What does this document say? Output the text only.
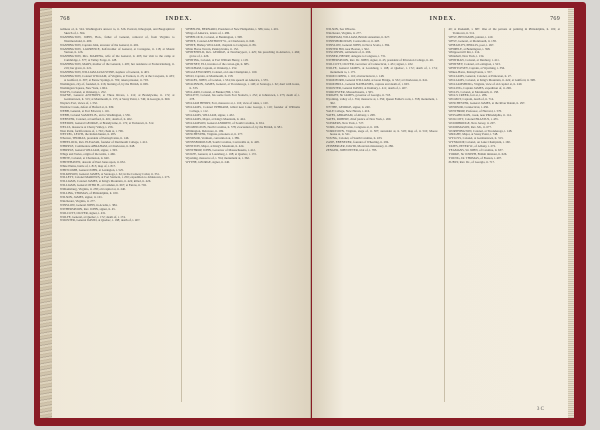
768	INDEX.

rediness of, ii. 524. Washington's answer to, ii. 526. Portrait, lithograph, and Biographical Sketch of, i. 364.

WASHINGTON, JOHN, Hon., father of General, removal of, from Virginia to Westmoreland, ii. 400.

WASHINGTON, Captain John, ancestor of the General, ii. 402.

WASHINGTON, LAWRENCE, half-brother of General, at Cartagena, ii. 118; at Mount Vernon, ii. 126.

WASHINGTON, Mrs. MARTHA, wife of the General, ii. 403; her visit to the camp at Cambridge, i. 577; at Valley Forge, ii. 128.

WASHINGTON, MARY, mother of the General, i. 405; her residence at Fredericksburg, ii. 219; her grave, ii. 221.

WASHINGTON, WILLIAM AUGUSTINE, nephew of General, ii. 403.

WASHINGTON, Colonel WILLIAM, of Virginia, at Trenton, ii. 25; at the Cowpens, ii. 433; at Guilford, ii. 397; at Eutaw Springs, ii. 702; taken prisoner, ii. 703.

Washington, city of, founded, ii. 216; burning of, by the British, ii. 609.

Washington Square, New York, i. 604.

WATTS, Colonel, at Oriskany, i. 252.

WAYNE, General ANTHONY, at Three Rivers, i. 212; at Brandywine, ii. 172; at Germantown, ii. 313; at Monmouth, ii. 155; at Stony Point, i. 746; in Georgia, ii. 660.

Wayne's Fort, views of, i. 332.

Waxhaw Creek, defeat of Buford at, ii. 639.

WEBB, General, at Fort Edward, i. 116.

WEBB, Colonel SAMUEL B., aid to Washington, i. 536.

WEBSTER, Colonel, at Guilford, ii. 401; death of, ii. 402.

WEEDON, General GEORGE, at Brandywine, ii. 172; at Yorktown, ii. 512.

WELLS, massacre at Cherry Valley, i. 256.

West Point, fortifications of, i. 702; chain at, i. 706.

WETZEL, LEWIS, the Indian hunter, ii. 283.

Wharton, THOMAS, president of Pennsylvania, ii. 146.

WHEELOCK, Rev. ELEAZAR, founder of Dartmouth College, i. 412.

WHIPPLE, Commodore ABRAHAM, at Charleston, ii. 648.

WHIPPLE, General WILLIAM, signer, i. 393.

Whigs and Tories, origin of the terms, i. 466.

WHITE, Colonel, at Charleston, ii. 640.

WHITEHAVEN, descent of Paul Jones upon, ii. 632.

White Plains, battle of, i. 815; map of, i. 817.

WHITCOMB, General JOHN, at Lexington, i. 525.

WILKINSON, General JAMES, at Saratoga, i. 62; in the Conway Cabal, ii. 331.

WILLETT, Colonel MARINUS, at Fort Stanwix, i. 250; expedition to Johnstown, i. 273.

WILLIAMS, Colonel JAMES, at King's Mountain, ii. 424; killed, ii. 426.

WILLIAMS, General OTHO H., at Camden, ii. 667; at Eutaw, ii. 702.

Williamsburg, Virginia, ii. 238; old capitol at, ii. 240.

WILLING, THOMAS, of Philadelphia, ii. 100.

WILSON, JAMES, signer, ii. 101.

Winchester, Virginia, ii. 277.

WINSLOW, General JOHN, in Acadia, i. 384.

WITHERSPOON, Rev. JOHN, signer, ii. 45.

WOLCOTT, OLIVER, signer, i. 431.

WOLFE, General, at Quebec, i. 172; death of, i. 174.

WOOSTER, General DAVID, at Quebec, i. 198; death of, i. 407.

WHEELER, BERNARD, President of New Hampshire, i. 386; note, i. 401.

Whigs of America, letters of, i. 486.

WHEELOCK, Colonel, at Bennington, i. 398.

WHITE, Colonel ANTHONY W., at Charleston, ii. 640.

WHITE, Bishop WILLIAM, chaplain to Congress, ii. 86.

White Horse Tavern, Pennsylvania, ii. 152.

WHITEFIELD, Rev. GEORGE, at Newburyport, i. 425; his preaching in America, i. 466; grave of, i. 426.

WHITING, Colonel, at Fort William Henry, i. 118.

WHITNEY, ELI, inventor of the cotton-gin, ii. 685.

WICKHAM, Captain, at Oriskany, i. 252.

WIGGLESWORTH, Colonel, on Lake Champlain, i. 160.

WILD, Captain, at Monmouth, ii. 158.

WILKES, JOHN, of London, i. 534; his speech on America, i. 535.

WILKINSON, JAMES, General, at Ticonderoga, i. 148; at Saratoga, i. 62; duel with Gates, ii. 333.

WILLARD, Colonel, at Bunker Hill, i. 541.

WILLETT, Colonel, his sortie from Fort Stanwix, i. 252; at Johnstown, i. 273; death of, i. 278.

WILLIAM HENRY, Fort, massacre at, i. 116; view of ruins, i. 120.

WILLIAMS, Colonel EPHRAIM, killed near Lake George, i. 110; founder of Williams College, i. 112.

WILLIAMS, WILLIAM, signer, i. 432.

WILLIAMS, Major, at King's Mountain, ii. 424.

WILLIAMSON, General ANDREW, of South Carolina, ii. 654.

WILMINGTON, North Carolina, ii. 578; evacuation of, by the British, ii. 581.

Wilmington, Delaware, ii. 169.

WINCHESTER, Virginia, prisoners at, ii. 277.

WINDSOR, Vermont, convention at, i. 389.

WINNSBOROUGH, South Carolina, Cornwallis at, ii. 428.

WINSTON, Major, at King's Mountain, ii. 424.

WINTHROP, JOHN, Governor of Massachusetts, i. 412.

WOLFE, General, at Louisburg, i. 168; at Quebec, i. 172.

Wyoming, massacre of, i. 354; monument at, i. 362.

WYTHE, GEORGE, signer, ii. 240.

INDEX.	769

WILSON, See Wilsons.

Winchester, Virginia, ii. 277.

WINDHAM, WILLIAM, British statesman, ii. 627.

WINNSBOROUGH, Cornwallis at, ii. 428.

WINSLOW, General JOHN, in Nova Scotia, i. 384.

WINTER Hill, near Boston, i. 562.

WISCONSIN, settlement of, ii. 296.

WISNER, HENRY, delegate to Congress, i. 731.

WITHERSPOON, Rev. Dr. JOHN, signer, ii. 45; president of Princeton College, ii. 46.

WOLCOTT, OLIVER, Governor of Connecticut, i. 431; signer, i. 432.

WOLFE, General JAMES, at Louisburg, i. 168; at Quebec, i. 172; death of, i. 174; monument to, i. 175.

WOOD CREEK, i. 116; obstructions in, i. 148.

WOODFORD, General WILLIAM, at Great Bridge, ii. 532; at Charleston, ii. 641.

WOODHULL, General NATHANIEL, capture and death of, i. 603.

WOOSTER, General DAVID, at Danbury, i. 411; death of, i. 407.

WORCESTER, Massachusetts, i. 505.

WRIGHT, Sir JAMES, governor of Georgia, ii. 718.

Wyoming, valley of, i. 354; massacre at, i. 356; Queen Esther's rock, i. 358; monument, i. 362.

WYTHE, GEORGE, signer, ii. 240.

YALE College, New Haven, i. 416.

YATES, ABRAHAM, of Albany, i. 268.

YATES, ROBERT, chief justice of New York, i. 269.

YONKERS, New York, i. 727.

YORK, Pennsylvania, Congress at, ii. 106.

YORKTOWN, Virginia, siege of, ii. 507; surrender at, ii. 518; map of, ii. 510; Moore house at, ii. 521.

YOUNG, Colonel, of South Carolina, ii. 433.

ZANE, EBENEZER, founder of Wheeling, ii. 284.

ZEISBERGER, DAVID, Moravian missionary, ii. 286.

ZENGER, JOHN PETER, trial of, i. 785.

40; at Peekskill, i. 687. One of the patrons of painting in Philadelphia, ii. 102; at Yorktown, ii. 512.

WEST, BENJAMIN, painter, i. 419.

WEST, General, at Monmouth, ii. 158.

WHEATLEY, PHILLIS, poet, i. 497.

WHIPPLE, at Bennington, i. 398.

Whippoorwill Inn, i. 214.

Whitehall, New York, i. 134.

WHITMAN, Colonel, at Danbury, i. 411.

WHITNEY, Colonel, at Lexington, i. 523.

WHITTLESEY, Captain, at Wyoming, i. 356.

Wilkes-Barre, Pennsylvania, i. 357.

WILLIAMS, General, Colonel, at Princeton, ii. 27.

WILLIAMS, Colonel, at King's Mountain, ii. 424; at Guilford, ii. 398.

WILLIAMSBURG, Virginia, view of old capitol at, ii. 240.

WILLING, Captain JAMES, expedition of, ii. 296.

WILLIS, Colonel, at Monmouth, ii. 158.

WILLS CREEK, fort at, i. 286.

WILMOT, Captain, death of, ii. 714.

WINCHESTER, General JAMES, at the River Raisin, ii. 297.

WINDSOR, Connecticut, i. 436.

WINTHROP, Professor, of Harvard, i. 570.

WISSAHICKON, creek, near Philadelphia, ii. 114.

WOLCOTT, Colonel ERASTUS, i. 435.

WOODBRIDGE, New Jersey, ii. 207.

WOODMASON, Rev. Mr., ii. 677.

WORTHINGTON, Colonel, at Ticonderoga, i. 148.

WRIGHT, Major, at Stony Point, i. 748.

WYLLYS, Colonel, at Germantown, ii. 313.

WYNKOOP, Colonel, on Lake Champlain, i. 160.

YATES, PETER W., of Albany, i. 272.

YEAMANS, Sir JOHN, of Carolina, ii. 637.

YORKE, Sir JOSEPH, British minister, ii. 626.

YOUNG, Dr. THOMAS, of Boston, i. 497.

ZUBLY, Rev. Dr., of Georgia, ii. 717.

3 C
